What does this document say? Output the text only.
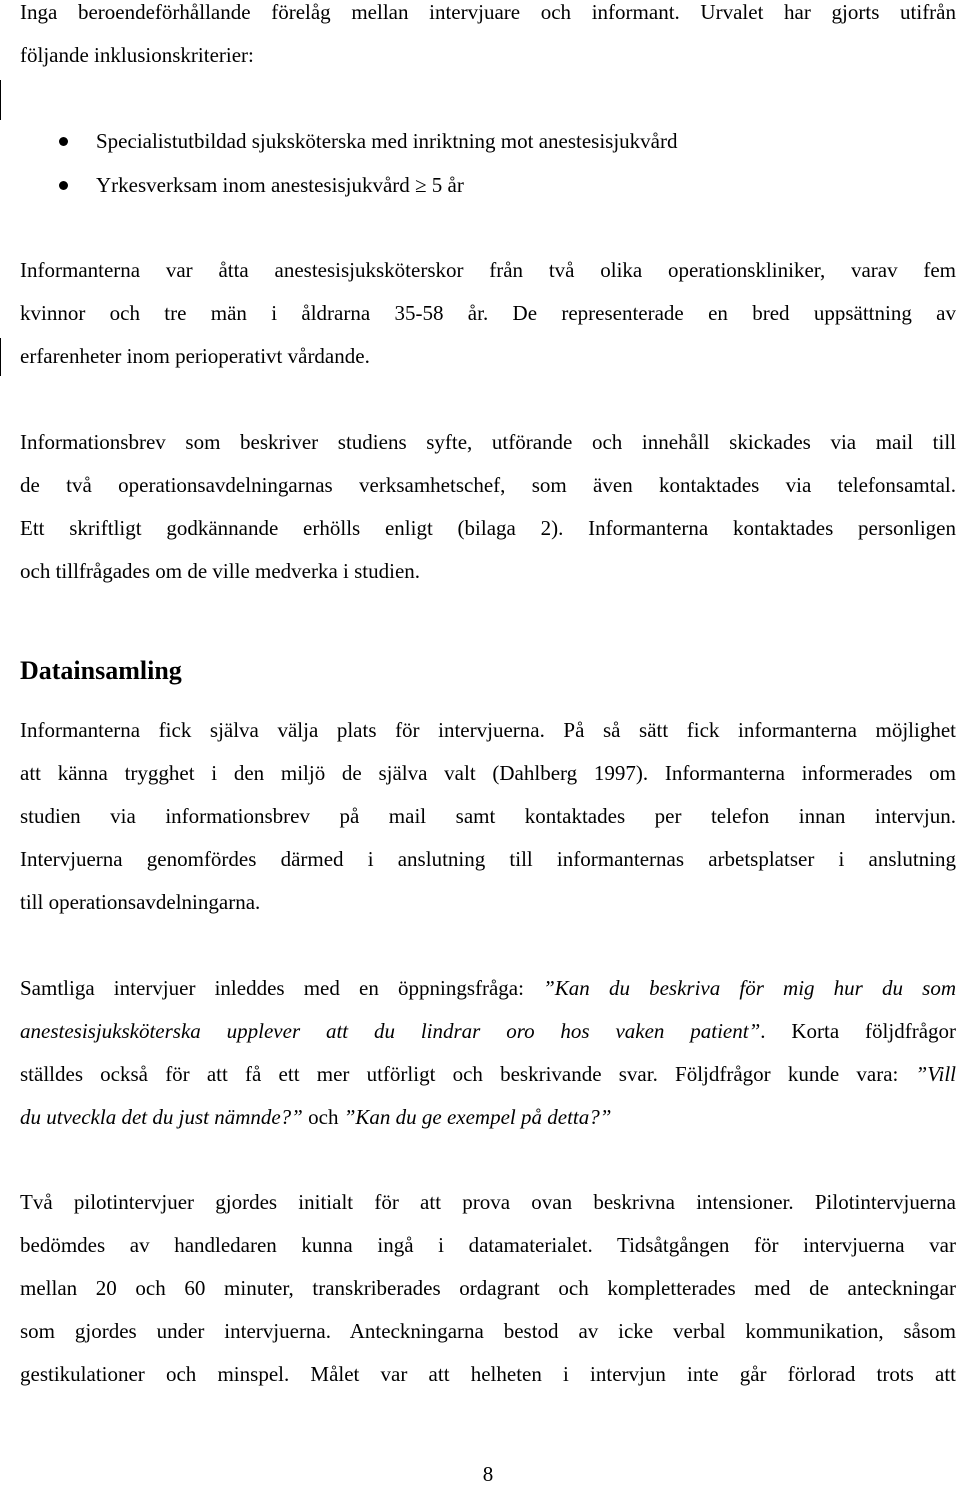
Inga beroendeförhållande förelåg mellan intervjuare och informant. Urvalet har gjorts utifrån
följande inklusionskriterier:
Specialistutbildad sjuksköterska med inriktning mot anestesisjukvård
Yrkesverksam inom anestesisjukvård ≥ 5 år
Informanterna var åtta anestesisjuksköterskor från två olika operationskliniker, varav fem
kvinnor och tre män i åldrarna 35-58 år. De representerade en bred uppsättning av
erfarenheter inom perioperativt vårdande.
Informationsbrev som beskriver studiens syfte, utförande och innehåll skickades via mail till
de två operationsavdelningarnas verksamhetschef, som även kontaktades via telefonsamtal.
Ett skriftligt godkännande erhölls enligt (bilaga 2). Informanterna kontaktades personligen
och tillfrågades om de ville medverka i studien.
Datainsamling
Informanterna fick själva välja plats för intervjuerna. På så sätt fick informanterna möjlighet
att känna trygghet i den miljö de själva valt (Dahlberg 1997). Informanterna informerades om
studien via informationsbrev på mail samt kontaktades per telefon innan intervjun.
Intervjuerna genomfördes därmed i anslutning till informanternas arbetsplatser i anslutning
till operationsavdelningarna.
Samtliga intervjuer inleddes med en öppningsfråga: ”Kan du beskriva för mig hur du som
anestesisjuksköterska upplever att du lindrar oro hos vaken patient”. Korta följdfrågor
ställdes också för att få ett mer utförligt och beskrivande svar. Följdfrågor kunde vara: ”Vill
du utveckla det du just nämnde?” och ”Kan du ge exempel på detta?”
Två pilotintervjuer gjordes initialt för att prova ovan beskrivna intensioner. Pilotintervjuerna
bedömdes av handledaren kunna ingå i datamaterialet. Tidsåtgången för intervjuerna var
mellan 20 och 60 minuter, transkriberades ordagrant och kompletterades med de anteckningar
som gjordes under intervjuerna. Anteckningarna bestod av icke verbal kommunikation, såsom
gestikulationer och minspel. Målet var att helheten i intervjun inte går förlorad trots att
8
